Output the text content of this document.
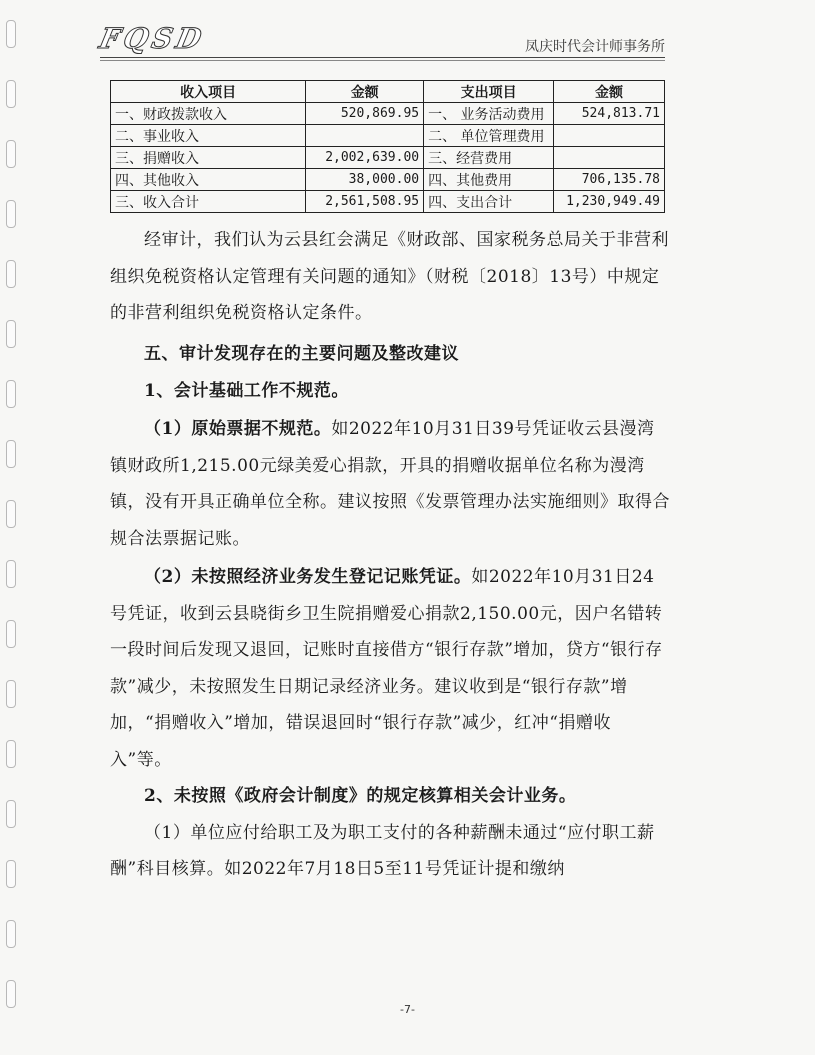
FQSD	凤庆时代会计师事务所
收入项目	金额	支出项目	金额
一、财政拨款收入	520,869.95	一、 业务活动费用	524,813.71
二、事业收入		二、 单位管理费用	
三、捐赠收入	2,002,639.00	三、经营费用	
四、其他收入	38,000.00	四、其他费用	706,135.78
三、收入合计	2,561,508.95	四、支出合计	1,230,949.49

经审计，我们认为云县红会满足《财政部、国家税务总局关于非营利组织免税资格认定管理有关问题的通知》（财税〔2018〕13号）中规定的非营利组织免税资格认定条件。

五、审计发现存在的主要问题及整改建议

1、会计基础工作不规范。

（1）原始票据不规范。如2022年10月31日39号凭证收云县漫湾镇财政所1,215.00元绿美爱心捐款，开具的捐赠收据单位名称为漫湾镇，没有开具正确单位全称。建议按照《发票管理办法实施细则》取得合规合法票据记账。

（2）未按照经济业务发生登记记账凭证。如2022年10月31日24号凭证，收到云县晓街乡卫生院捐赠爱心捐款2,150.00元，因户名错转一段时间后发现又退回，记账时直接借方“银行存款”增加，贷方“银行存款”减少，未按照发生日期记录经济业务。建议收到是“银行存款”增加，“捐赠收入”增加，错误退回时“银行存款”减少，红冲“捐赠收入”等。

2、未按照《政府会计制度》的规定核算相关会计业务。

（1）单位应付给职工及为职工支付的各种薪酬未通过“应付职工薪酬”科目核算。如2022年7月18日5至11号凭证计提和缴纳

-7-
